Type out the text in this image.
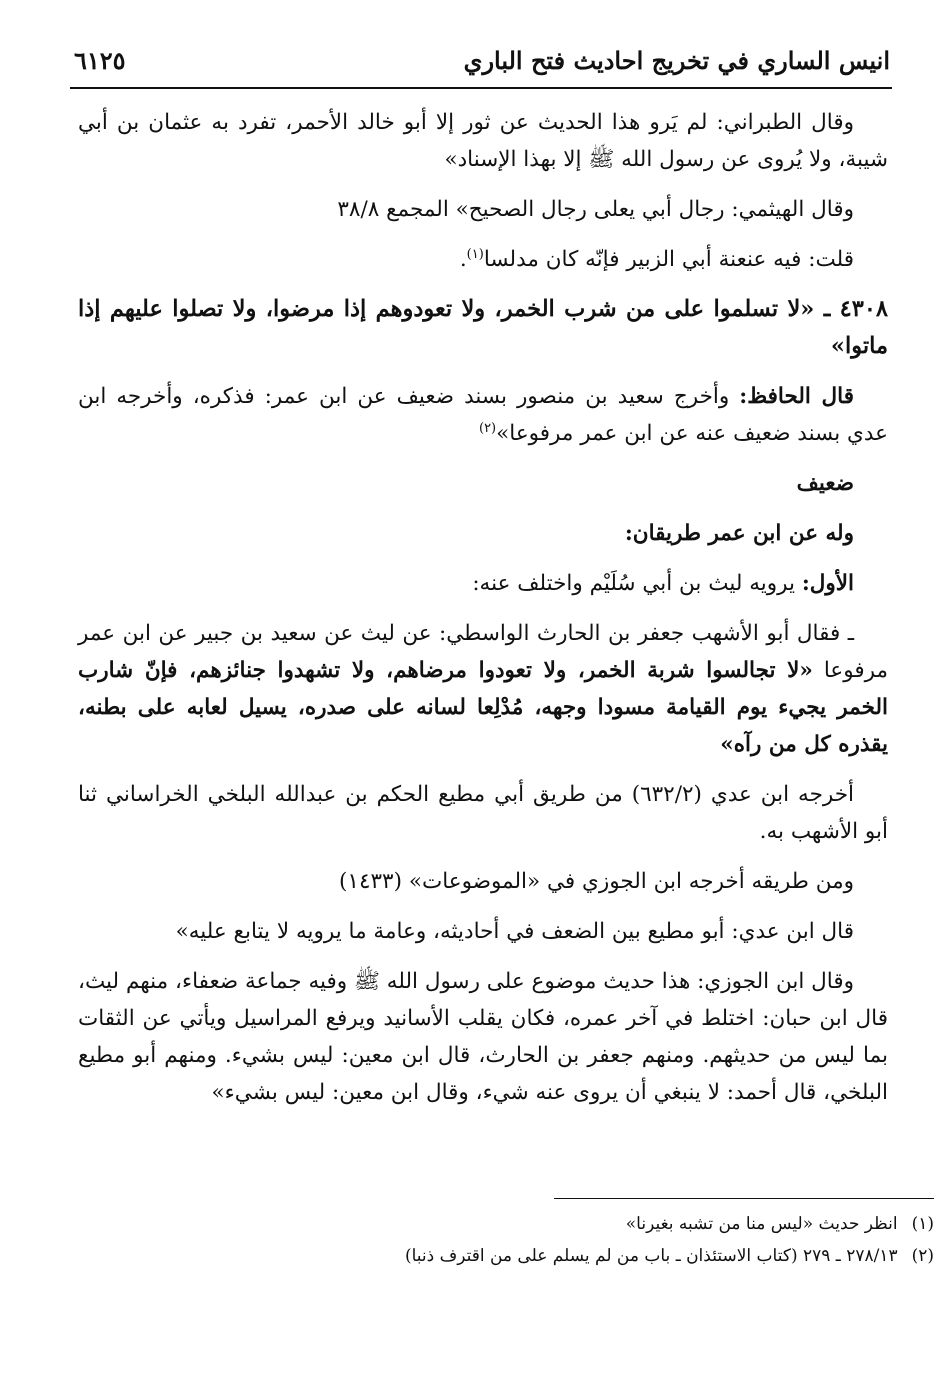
انيس الساري في تخريج احاديث فتح الباري
٦١٢٥

وقال الطبراني: لم يَرو هذا الحديث عن ثور إلا أبو خالد الأحمر، تفرد به عثمان بن أبي شيبة، ولا يُروى عن رسول الله ﷺ إلا بهذا الإسناد»

وقال الهيثمي: رجال أبي يعلى رجال الصحيح» المجمع ٣٨/٨

قلت: فيه عنعنة أبي الزبير فإنّه كان مدلسا$^{(١)}$.

٤٣٠٨ ـ «لا تسلموا على من شرب الخمر، ولا تعودوهم إذا مرضوا، ولا تصلوا عليهم إذا ماتوا»

قال الحافظ: وأخرج سعيد بن منصور بسند ضعيف عن ابن عمر: فذكره، وأخرجه ابن عدي بسند ضعيف عنه عن ابن عمر مرفوعا»$^{(٢)}$

ضعيف

وله عن ابن عمر طريقان:

الأول: يرويه ليث بن أبي سُلَيْم واختلف عنه:

ـ فقال أبو الأشهب جعفر بن الحارث الواسطي: عن ليث عن سعيد بن جبير عن ابن عمر مرفوعا «لا تجالسوا شربة الخمر، ولا تعودوا مرضاهم، ولا تشهدوا جنائزهم، فإنّ شارب الخمر يجيء يوم القيامة مسودا وجهه، مُدْلِعا لسانه على صدره، يسيل لعابه على بطنه، يقذره كل من رآه»

أخرجه ابن عدي (٦٣٢/٢) من طريق أبي مطيع الحكم بن عبدالله البلخي الخراساني ثنا أبو الأشهب به.

ومن طريقه أخرجه ابن الجوزي في «الموضوعات» (١٤٣٣)

قال ابن عدي: أبو مطيع بين الضعف في أحاديثه، وعامة ما يرويه لا يتابع عليه»

وقال ابن الجوزي: هذا حديث موضوع على رسول الله ﷺ وفيه جماعة ضعفاء، منهم ليث، قال ابن حبان: اختلط في آخر عمره، فكان يقلب الأسانيد ويرفع المراسيل ويأتي عن الثقات بما ليس من حديثهم. ومنهم جعفر بن الحارث، قال ابن معين: ليس بشيء. ومنهم أبو مطيع البلخي، قال أحمد: لا ينبغي أن يروى عنه شيء، وقال ابن معين: ليس بشيء»

(١)انظر حديث «ليس منا من تشبه بغيرنا»
(٢)٢٧٨/١٣ ـ ٢٧٩ (كتاب الاستئذان ـ باب من لم يسلم على من اقترف ذنبا)
